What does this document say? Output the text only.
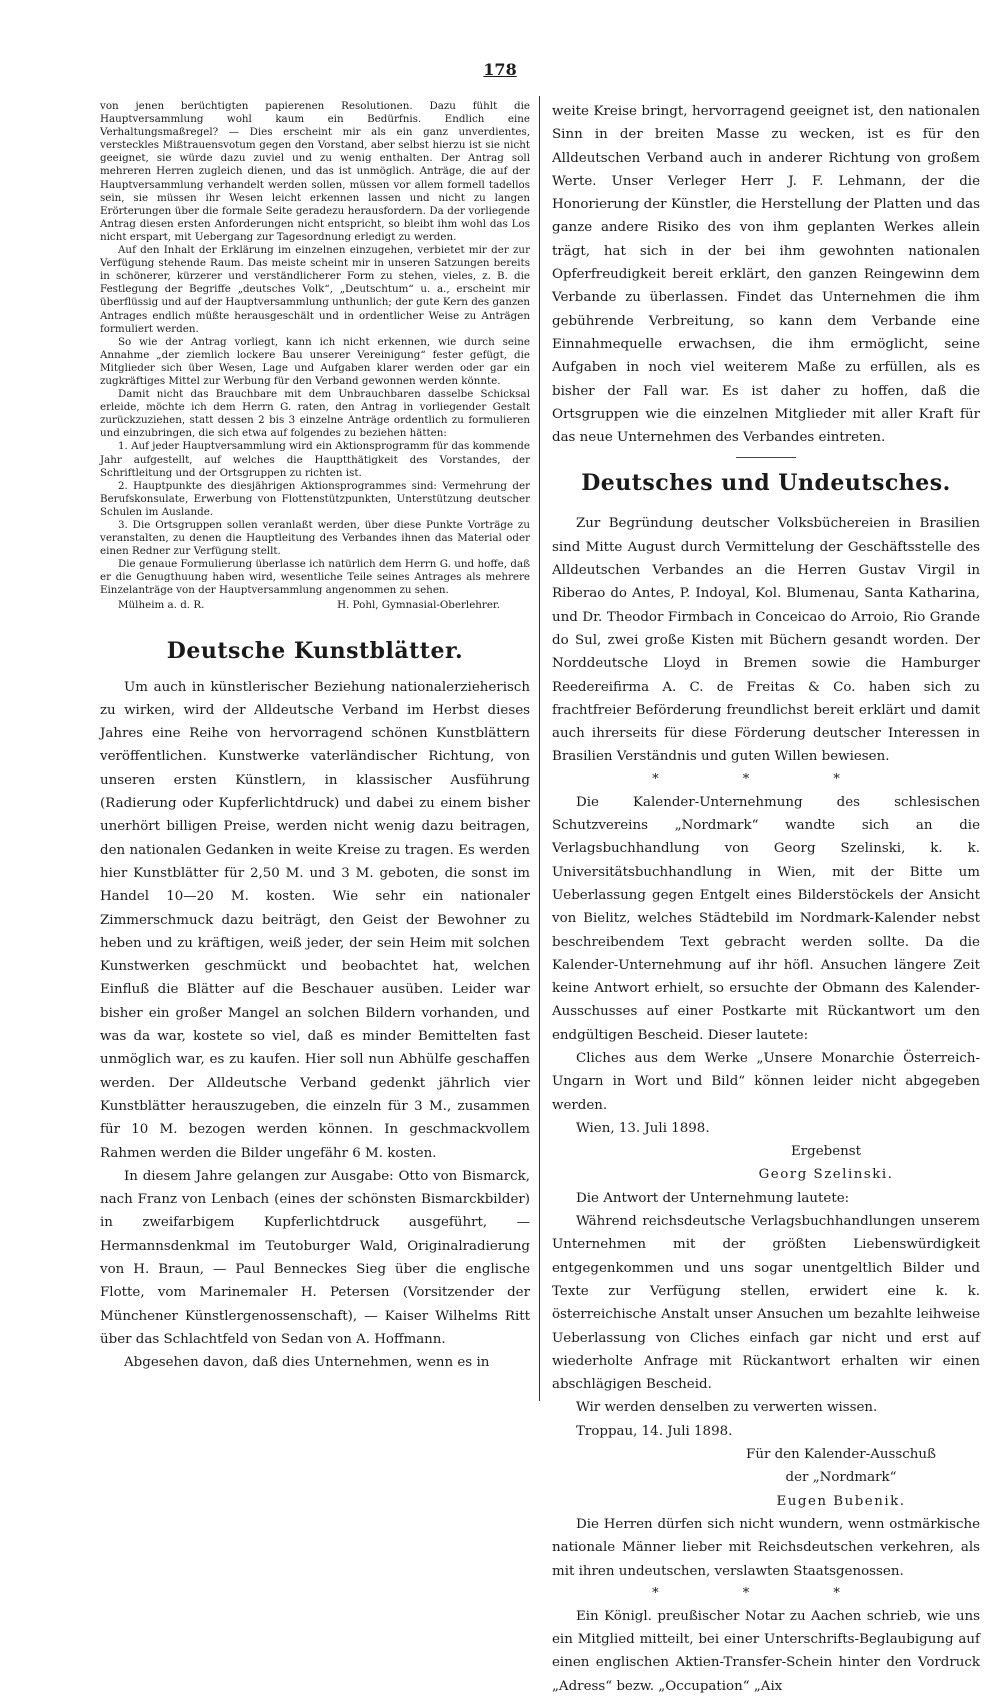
178

von jenen berüchtigten papierenen Resolutionen. Dazu fühlt die Hauptversammlung wohl kaum ein Bedürfnis. Endlich eine Verhaltungsmaßregel? — Dies erscheint mir als ein ganz unverdientes, versteckles Mißtrauensvotum gegen den Vorstand, aber selbst hierzu ist sie nicht geeignet, sie würde dazu zuviel und zu wenig enthalten. Der Antrag soll mehreren Herren zugleich dienen, und das ist unmöglich. Anträge, die auf der Hauptversammlung verhandelt werden sollen, müssen vor allem formell tadellos sein, sie müssen ihr Wesen leicht erkennen lassen und nicht zu langen Erörterungen über die formale Seite geradezu herausfordern. Da der vorliegende Antrag diesen ersten Anforderungen nicht entspricht, so bleibt ihm wohl das Los nicht erspart, mit Uebergang zur Tagesordnung erledigt zu werden.

Auf den Inhalt der Erklärung im einzelnen einzugehen, verbietet mir der zur Verfügung stehende Raum. Das meiste scheint mir in unseren Satzungen bereits in schönerer, kürzerer und verständlicherer Form zu stehen, vieles, z. B. die Festlegung der Begriffe „deutsches Volk“, „Deutschtum“ u. a., erscheint mir überflüssig und auf der Hauptversammlung unthunlich; der gute Kern des ganzen Antrages endlich müßte herausgeschält und in ordentlicher Weise zu Anträgen formuliert werden.

So wie der Antrag vorliegt, kann ich nicht erkennen, wie durch seine Annahme „der ziemlich lockere Bau unserer Vereinigung“ fester gefügt, die Mitglieder sich über Wesen, Lage und Aufgaben klarer werden oder gar ein zugkräftiges Mittel zur Werbung für den Verband gewonnen werden könnte.

Damit nicht das Brauchbare mit dem Unbrauchbaren dasselbe Schicksal erleide, möchte ich dem Herrn G. raten, den Antrag in vorliegender Gestalt zurückzuziehen, statt dessen 2 bis 3 einzelne Anträge ordentlich zu formulieren und einzubringen, die sich etwa auf folgendes zu beziehen hätten:

1. Auf jeder Hauptversammlung wird ein Aktionsprogramm für das kommende Jahr aufgestellt, auf welches die Hauptthätigkeit des Vorstandes, der Schriftleitung und der Ortsgruppen zu richten ist.

2. Hauptpunkte des diesjährigen Aktionsprogrammes sind: Vermehrung der Berufskonsulate, Erwerbung von Flottenstützpunkten, Unterstützung deutscher Schulen im Auslande.

3. Die Ortsgruppen sollen veranlaßt werden, über diese Punkte Vorträge zu veranstalten, zu denen die Hauptleitung des Verbandes ihnen das Material oder einen Redner zur Verfügung stellt.

Die genaue Formulierung überlasse ich natürlich dem Herrn G. und hoffe, daß er die Genugthuung haben wird, wesentliche Teile seines Antrages als mehrere Einzelanträge von der Hauptversammlung angenommen zu sehen.

Mülheim a. d. R.	H. Pohl, Gymnasial-Oberlehrer.
Deutsche Kunstblätter.

Um auch in künstlerischer Beziehung nationalerzieherisch zu wirken, wird der Alldeutsche Verband im Herbst dieses Jahres eine Reihe von hervorragend schönen Kunstblättern veröffentlichen. Kunstwerke vaterländischer Richtung, von unseren ersten Künstlern, in klassischer Ausführung (Radierung oder Kupferlichtdruck) und dabei zu einem bisher unerhört billigen Preise, werden nicht wenig dazu beitragen, den nationalen Gedanken in weite Kreise zu tragen. Es werden hier Kunstblätter für 2,50 M. und 3 M. geboten, die sonst im Handel 10—20 M. kosten. Wie sehr ein nationaler Zimmerschmuck dazu beiträgt, den Geist der Bewohner zu heben und zu kräftigen, weiß jeder, der sein Heim mit solchen Kunstwerken geschmückt und beobachtet hat, welchen Einfluß die Blätter auf die Beschauer ausüben. Leider war bisher ein großer Mangel an solchen Bildern vorhanden, und was da war, kostete so viel, daß es minder Bemittelten fast unmöglich war, es zu kaufen. Hier soll nun Abhülfe geschaffen werden. Der Alldeutsche Verband gedenkt jährlich vier Kunstblätter herauszugeben, die einzeln für 3 M., zusammen für 10 M. bezogen werden können. In geschmackvollem Rahmen werden die Bilder ungefähr 6 M. kosten.

In diesem Jahre gelangen zur Ausgabe: Otto von Bismarck, nach Franz von Lenbach (eines der schönsten Bismarckbilder) in zweifarbigem Kupferlichtdruck ausgeführt, — Hermannsdenkmal im Teutoburger Wald, Originalradierung von H. Braun, — Paul Benneckes Sieg über die englische Flotte, vom Marinemaler H. Petersen (Vorsitzender der Münchener Künstlergenossenschaft), — Kaiser Wilhelms Ritt über das Schlachtfeld von Sedan von A. Hoffmann.

Abgesehen davon, daß dies Unternehmen, wenn es in

weite Kreise bringt, hervorragend geeignet ist, den nationalen Sinn in der breiten Masse zu wecken, ist es für den Alldeutschen Verband auch in anderer Richtung von großem Werte. Unser Verleger Herr J. F. Lehmann, der die Honorierung der Künstler, die Herstellung der Platten und das ganze andere Risiko des von ihm geplanten Werkes allein trägt, hat sich in der bei ihm gewohnten nationalen Opferfreudigkeit bereit erklärt, den ganzen Reingewinn dem Verbande zu überlassen. Findet das Unternehmen die ihm gebührende Verbreitung, so kann dem Verbande eine Einnahmequelle erwachsen, die ihm ermöglicht, seine Aufgaben in noch viel weiterem Maße zu erfüllen, als es bisher der Fall war. Es ist daher zu hoffen, daß die Ortsgruppen wie die einzelnen Mitglieder mit aller Kraft für das neue Unternehmen des Verbandes eintreten.

Deutsches und Undeutsches.

Zur Begründung deutscher Volksbüchereien in Brasilien sind Mitte August durch Vermittelung der Geschäftsstelle des Alldeutschen Verbandes an die Herren Gustav Virgil in Riberao do Antes, P. Indoyal, Kol. Blumenau, Santa Katharina, und Dr. Theodor Firmbach in Conceicao do Arroio, Rio Grande do Sul, zwei große Kisten mit Büchern gesandt worden. Der Norddeutsche Lloyd in Bremen sowie die Hamburger Reedereifirma A. C. de Freitas & Co. haben sich zu frachtfreier Beförderung freundlichst bereit erklärt und damit auch ihrerseits für diese Förderung deutscher Interessen in Brasilien Verständnis und guten Willen bewiesen.

* * *

Die Kalender-Unternehmung des schlesischen Schutzvereins „Nordmark“ wandte sich an die Verlagsbuchhandlung von Georg Szelinski, k. k. Universitätsbuchhandlung in Wien, mit der Bitte um Ueberlassung gegen Entgelt eines Bilderstöckels der Ansicht von Bielitz, welches Städtebild im Nordmark-Kalender nebst beschreibendem Text gebracht werden sollte. Da die Kalender-Unternehmung auf ihr höfl. Ansuchen längere Zeit keine Antwort erhielt, so ersuchte der Obmann des Kalender-Ausschusses auf einer Postkarte mit Rückantwort um den endgültigen Bescheid. Dieser lautete:

Cliches aus dem Werke „Unsere Monarchie Österreich-Ungarn in Wort und Bild“ können leider nicht abgegeben werden.

Wien, 13. Juli 1898.

Ergebenst
Georg Szelinski.

Die Antwort der Unternehmung lautete:

Während reichsdeutsche Verlagsbuchhandlungen unserem Unternehmen mit der größten Liebenswürdigkeit entgegenkommen und uns sogar unentgeltlich Bilder und Texte zur Verfügung stellen, erwidert eine k. k. österreichische Anstalt unser Ansuchen um bezahlte leihweise Ueberlassung von Cliches einfach gar nicht und erst auf wiederholte Anfrage mit Rückantwort erhalten wir einen abschlägigen Bescheid.

Wir werden denselben zu verwerten wissen.

Troppau, 14. Juli 1898.

Für den Kalender-Ausschuß
der „Nordmark“
Eugen Bubenik.

Die Herren dürfen sich nicht wundern, wenn ostmärkische nationale Männer lieber mit Reichsdeutschen verkehren, als mit ihren undeutschen, verslawten Staatsgenossen.

* * *

Ein Königl. preußischer Notar zu Aachen schrieb, wie uns ein Mitglied mitteilt, bei einer Unterschrifts-Beglaubigung auf einen englischen Aktien-Transfer-Schein hinter den Vordruck „Adress“ bezw. „Occupation“ „Aix
